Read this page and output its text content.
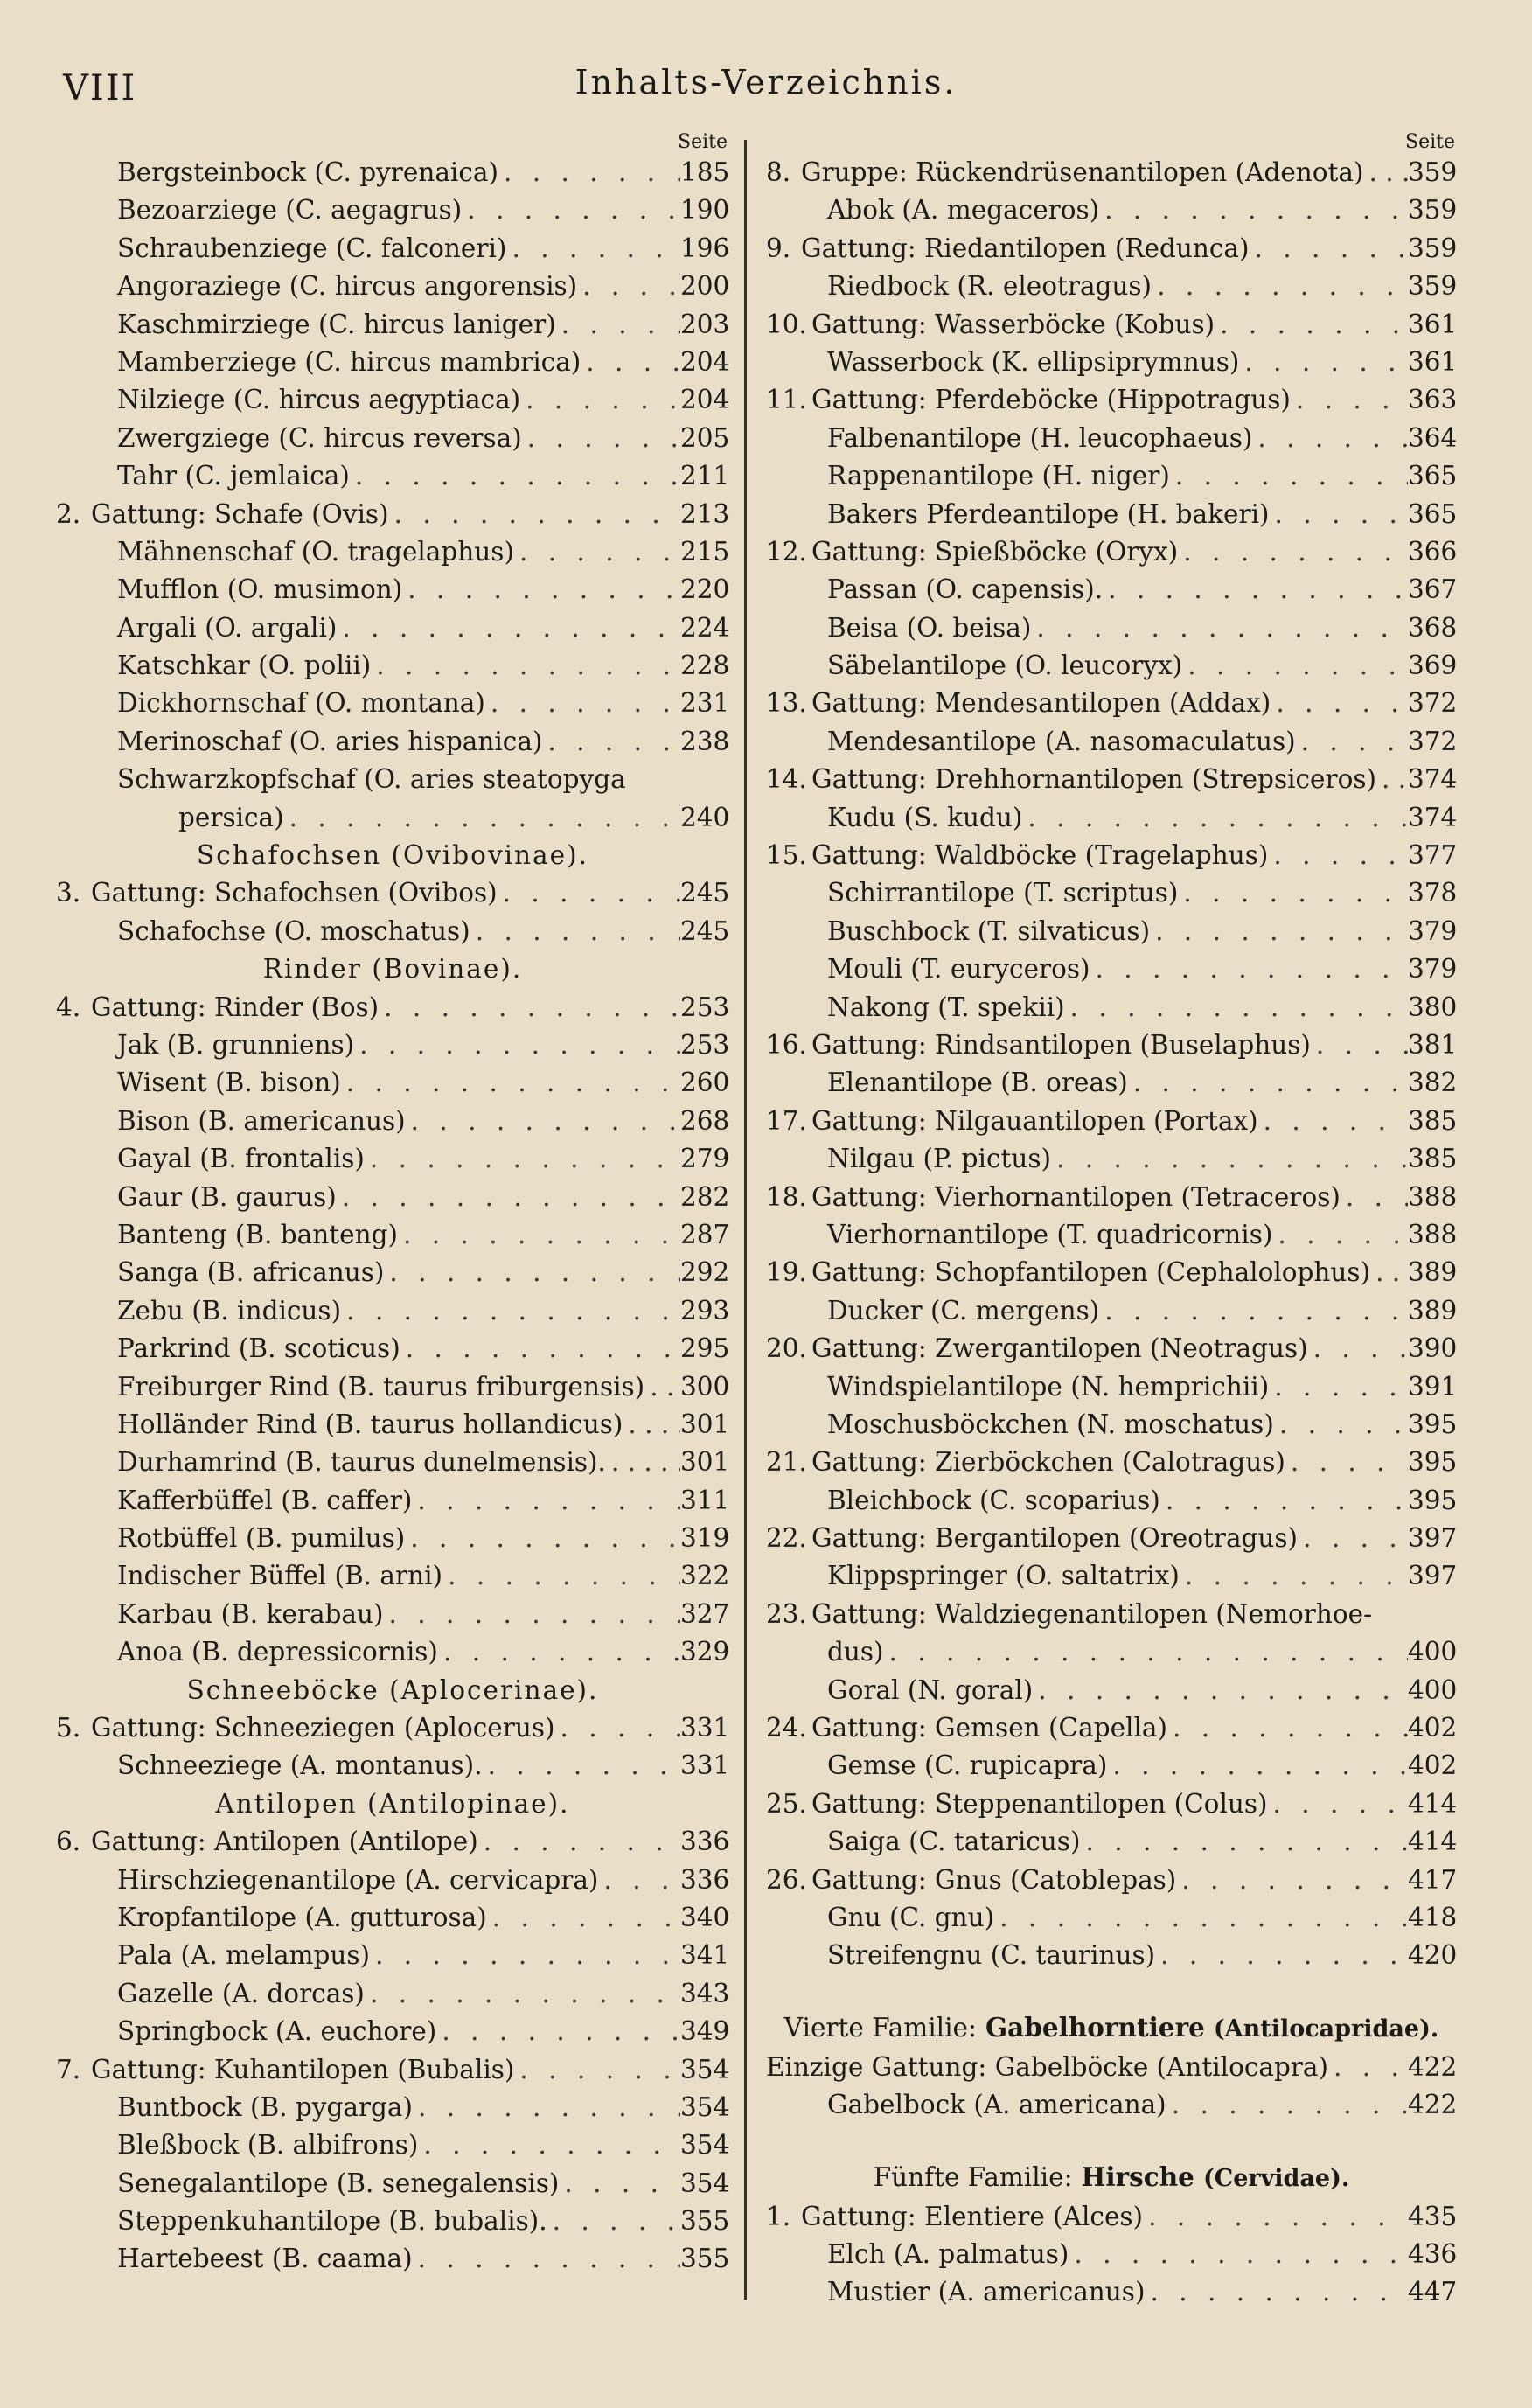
VIII	Inhalts-Verzeichnis.
Seite
Bergsteinbock (C. pyrenaica) . . .	185
Bezoarziege (C. aegagrus) . . .	190
Schraubenziege (C. falconeri) . . .	196
Angoraziege (C. hircus angorensis) . . .	200
Kaschmirziege (C. hircus laniger) . . .	203
Mamberziege (C. hircus mambrica) . . .	204
Nilziege (C. hircus aegyptiaca) . . .	204
Zwergziege (C. hircus reversa) . . .	205
Tahr (C. jemlaica) . . .	211
2. Gattung: Schafe (Ovis) . . .	213
Mähnenschaf (O. tragelaphus) . . .	215
Mufflon (O. musimon) . . .	220
Argali (O. argali) . . .	224
Katschkar (O. polii) . . .	228
Dickhornschaf (O. montana) . . .	231
Merinoschaf (O. aries hispanica) . . .	238
Schwarzkopfschaf (O. aries steatopyga
persica) . . .	240
Schafochsen (Ovibovinae).
3. Gattung: Schafochsen (Ovibos) . . .	245
Schafochse (O. moschatus) . . .	245
Rinder (Bovinae).
4. Gattung: Rinder (Bos) . . .	253
Jak (B. grunniens) . . .	253
Wisent (B. bison) . . .	260
Bison (B. americanus) . . .	268
Gayal (B. frontalis) . . .	279
Gaur (B. gaurus) . . .	282
Banteng (B. banteng) . . .	287
Sanga (B. africanus) . . .	292
Zebu (B. indicus) . . .	293
Parkrind (B. scoticus) . . .	295
Freiburger Rind (B. taurus friburgensis) . . . 300
Holländer Rind (B. taurus hollandicus) . . . 301
Durhamrind (B. taurus dunelmensis). . . .	301
Kafferbüffel (B. caffer) . . .	311
Rotbüffel (B. pumilus) . . .	319
Indischer Büffel (B. arni) . . .	322
Karbau (B. kerabau) . . .	327
Anoa (B. depressicornis) . . .	329
Schneeböcke (Aplocerinae).
5. Gattung: Schneeziegen (Aplocerus) . . .	331
Schneeziege (A. montanus). . . .	331
Antilopen (Antilopinae).
6. Gattung: Antilopen (Antilope) . . .	336
Hirschziegenantilope (A. cervicapra) . . .	336
Kropfantilope (A. gutturosa) . . .	340
Pala (A. melampus) . . .	341
Gazelle (A. dorcas) . . .	343
Springbock (A. euchore) . . .	349
7. Gattung: Kuhantilopen (Bubalis) . . .	354
Buntbock (B. pygarga) . . .	354
Bleßbock (B. albifrons) . . .	354
Senegalantilope (B. senegalensis) . . .	354
Steppenkuhantilope (B. bubalis). . . .	355
Hartebeest (B. caama) . . .	355
Seite
8. Gruppe: Rückendrüsenantilopen (Adenota) . . . 359
Abok (A. megaceros) . . .	359
9. Gattung: Riedantilopen (Redunca) . . .	359
Riedbock (R. eleotragus) . . .	359
10. Gattung: Wasserböcke (Kobus) . . .	361
Wasserbock (K. ellipsiprymnus) . . .	361
11. Gattung: Pferdeböcke (Hippotragus) . . .	363
Falbenantilope (H. leucophaeus) . . .	364
Rappenantilope (H. niger) . . .	365
Bakers Pferdeantilope (H. bakeri) . . .	365
12. Gattung: Spießböcke (Oryx) . . .	366
Passan (O. capensis). . . .	367
Beisa (O. beisa) . . .	368
Säbelantilope (O. leucoryx) . . .	369
13. Gattung: Mendesantilopen (Addax) . . .	372
Mendesantilope (A. nasomaculatus) . . .	372
14. Gattung: Drehhornantilopen (Strepsiceros) . . . 374
Kudu (S. kudu) . . .	374
15. Gattung: Waldböcke (Tragelaphus) . . .	377
Schirrantilope (T. scriptus) . . .	378
Buschbock (T. silvaticus) . . .	379
Mouli (T. euryceros) . . .	379
Nakong (T. spekii) . . .	380
16. Gattung: Rindsantilopen (Buselaphus) . . .	381
Elenantilope (B. oreas) . . .	382
17. Gattung: Nilgauantilopen (Portax) . . .	385
Nilgau (P. pictus) . . .	385
18. Gattung: Vierhornantilopen (Tetraceros) . . .	388
Vierhornantilope (T. quadricornis) . . .	388
19. Gattung: Schopfantilopen (Cephalolophus) . . . 389
Ducker (C. mergens) . . .	389
20. Gattung: Zwergantilopen (Neotragus) . . .	390
Windspielantilope (N. hemprichii) . . .	391
Moschusböckchen (N. moschatus) . . .	395
21. Gattung: Zierböckchen (Calotragus) . . .	395
Bleichbock (C. scoparius) . . .	395
22. Gattung: Bergantilopen (Oreotragus) . . .	397
Klippspringer (O. saltatrix) . . .	397
23. Gattung: Waldziegenantilopen (Nemorhoe-
dus) . . .	400
Goral (N. goral) . . .	400
24. Gattung: Gemsen (Capella) . . .	402
Gemse (C. rupicapra) . . .	402
25. Gattung: Steppenantilopen (Colus) . . .	414
Saiga (C. tataricus) . . .	414
26. Gattung: Gnus (Catoblepas) . . .	417
Gnu (C. gnu) . . .	418
Streifengnu (C. taurinus) . . .	420
Vierte Familie: Gabelhorntiere (Antilocapridae).
Einzige Gattung: Gabelböcke (Antilocapra) . . .	422
Gabelbock (A. americana) . . .	422
Fünfte Familie: Hirsche (Cervidae).
1. Gattung: Elentiere (Alces) . . .	435
Elch (A. palmatus) . . .	436
Mustier (A. americanus) . . .	447
